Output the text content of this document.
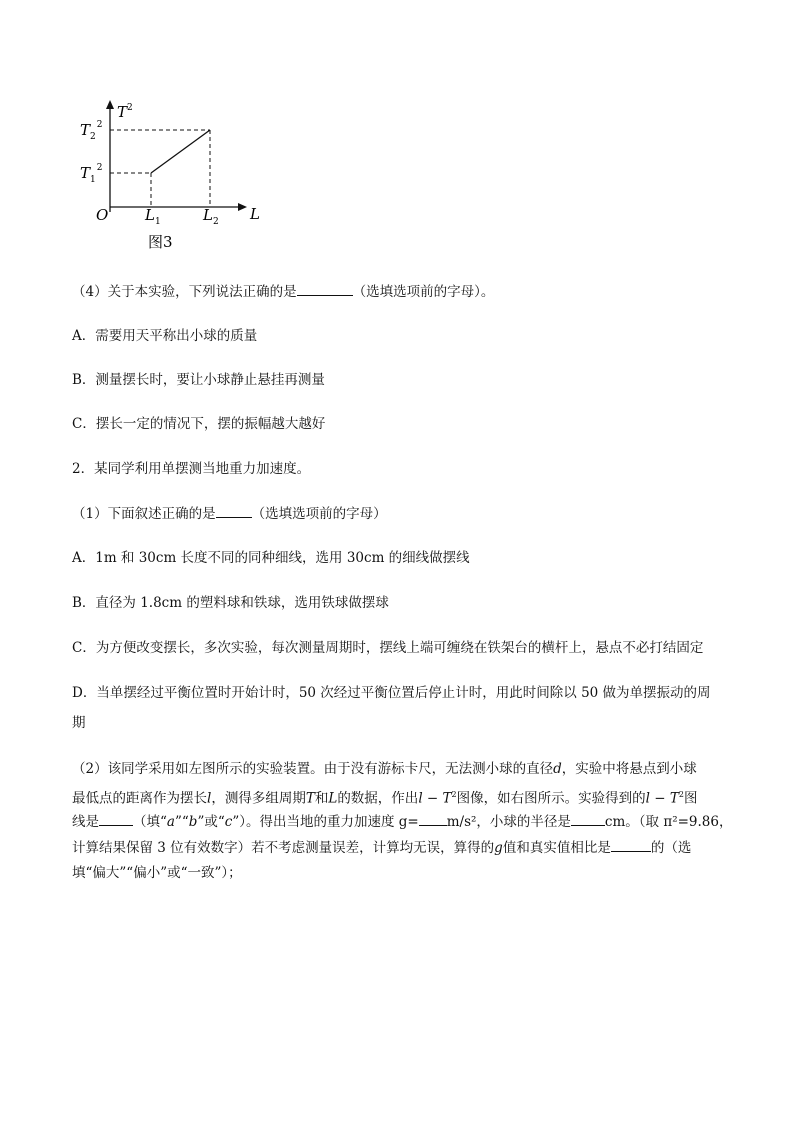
$T^2$
$T_2^2$
$T_1^2$
O $L_1$	$L_2$ L
图3
（4）关于本实验，下列说法正确的是	（选填选项前的字母）。
A．需要用天平称出小球的质量
B．测量摆长时，要让小球静止悬挂再测量
C．摆长一定的情况下，摆的振幅越大越好
2．某同学利用单摆测当地重力加速度。
（1）下面叙述正确的是	（选填选项前的字母）
A．1m 和 30cm 长度不同的同种细线，选用 30cm 的细线做摆线
B．直径为 1.8cm 的塑料球和铁球，选用铁球做摆球
C．为方便改变摆长，多次实验，每次测量周期时，摆线上端可缠绕在铁架台的横杆上，悬点不必打结固定
D．当单摆经过平衡位置时开始计时，50 次经过平衡位置后停止计时，用此时间除以 50 做为单摆振动的周
期
（2）该同学采用如左图所示的实验装置。由于没有游标卡尺，无法测小球的直径d，实验中将悬点到小球
最低点的距离作为摆长l，测得多组周期T和L的数据，作出$l - T^2$图像，如右图所示。实验得到的$l - T^2$图
线是	（填“a”“b”或“c”）。得出当地的重力加速度 g= m/s²，小球的半径是	cm。（取 π²=9.86，
计算结果保留 3 位有效数字）若不考虑测量误差，计算均无误，算得的g值和真实值相比是	的（选
填“偏大”“偏小”或“一致”）；
